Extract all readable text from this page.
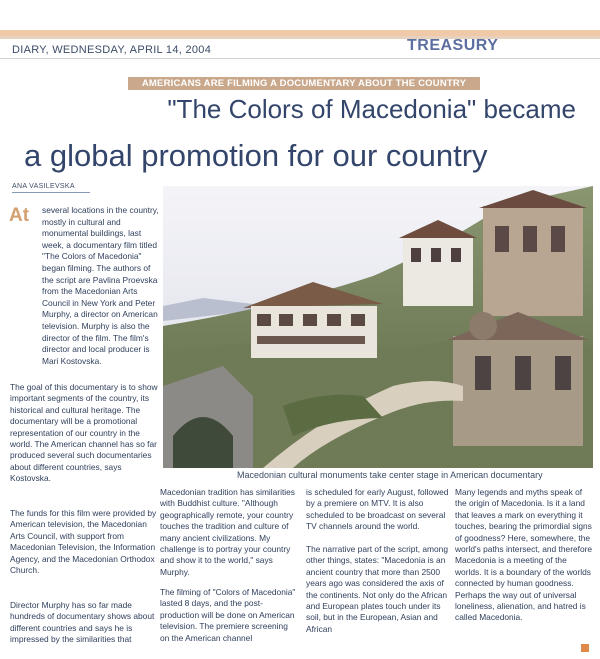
DIARY, WEDNESDAY, APRIL 14, 2004	TREASURY
AMERICANS ARE FILMING A DOCUMENTARY ABOUT THE COUNTRY
"The Colors of Macedonia" became
a global promotion for our country
ANA VASILEVSKA
At	several locations in the country, mostly in cultural and monumental buildings, last week, a documentary film titled "The Colors of Macedonia" began filming. The authors of the script are Pavlina Proevska from the Macedonian Arts Council in New York and Peter Murphy, a director on American television. Murphy is also the director of the film. The film's director and local producer is Mari Kostovska.
Macedonian cultural monuments take center stage in American documentary

The goal of this documentary is to show important segments of the country, its historical and cultural heritage. The documentary will be a promotional representation of our country in the world. The American channel has so far produced several such documentaries about different countries, says Kostovska.

The funds for this film were provided by American television, the Macedonian Arts Council, with support from Macedonian Television, the Information Agency, and the Macedonian Orthodox Church.

Director Murphy has so far made hundreds of documentary shows about different countries and says he is impressed by the similarities that

Macedonian tradition has similarities with Buddhist culture. "Although geographically remote, your country touches the tradition and culture of many ancient civilizations. My challenge is to portray your country and show it to the world," says Murphy.

The filming of "Colors of Macedonia" lasted 8 days, and the post-production will be done on American television. The premiere screening on the American channel

is scheduled for early August, followed by a premiere on MTV. It is also scheduled to be broadcast on several TV channels around the world.

The narrative part of the script, among other things, states: "Macedonia is an ancient country that more than 2500 years ago was considered the axis of the continents. Not only do the African and European plates touch under its soil, but in the European, Asian and African

Many legends and myths speak of the origin of Macedonia. Is it a land that leaves a mark on everything it touches, bearing the primordial signs of goodness? Here, somewhere, the world's paths intersect, and therefore Macedonia is a meeting of the worlds. It is a boundary of the worlds connected by human goodness. Perhaps the way out of universal loneliness, alienation, and hatred is called Macedonia.
